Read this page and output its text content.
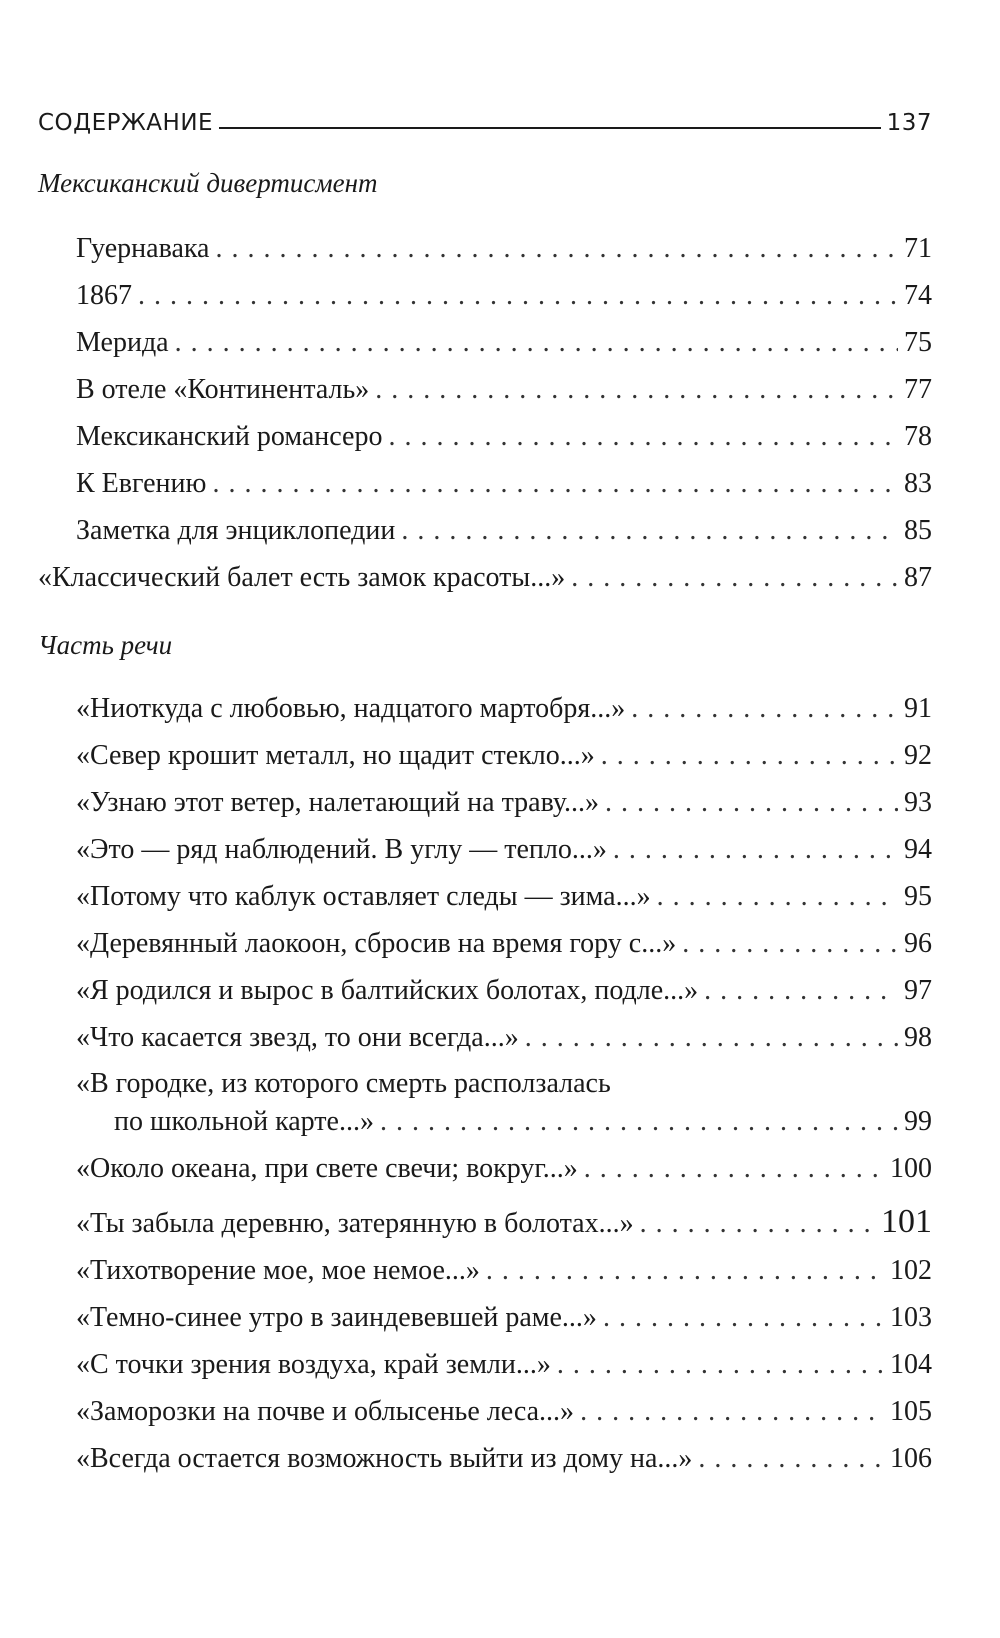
СОДЕРЖАНИЕ	137
Мексиканский дивертисмент
Гуернавака . . .	71
1867 . . .	74
Мерида . . .	75
В отеле «Континенталь» . . .	77
Мексиканский романсеро . . .	78
К Евгению . . .	83
Заметка для энциклопедии . . .	85
«Классический балет есть замок красоты...» . . .	87
Часть речи
«Ниоткуда с любовью, надцатого мартобря...» . . .	91
«Север крошит металл, но щадит стекло...» . . .	92
«Узнаю этот ветер, налетающий на траву...» . . .	93
«Это — ряд наблюдений. В углу — тепло...» . . .	94
«Потому что каблук оставляет следы — зима...» . . .	95
«Деревянный лаокоон, сбросив на время гору с...» . . .	96
«Я родился и вырос в балтийских болотах, подле...» . . .	97
«Что касается звезд, то они всегда...» . . .	98
«В городке, из которого смерть расползалась
по школьной карте...» . . .	99
«Около океана, при свете свечи; вокруг...» . . .	100
«Ты забыла деревню, затерянную в болотах...» . . .	101
«Тихотворение мое, мое немое...» . . .	102
«Темно-синее утро в заиндевевшей раме...» . . .	103
«С точки зрения воздуха, край земли...» . . .	104
«Заморозки на почве и облысенье леса...» . . .	105
«Всегда остается возможность выйти из дому на...» . . .	106
